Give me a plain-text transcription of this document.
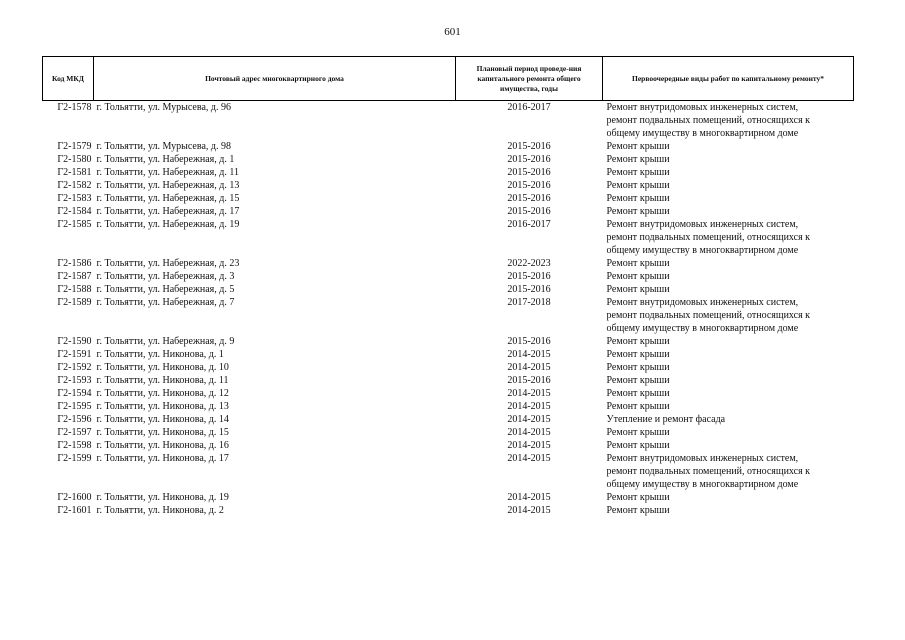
601
Код МКД	Почтовый адрес многоквартирного дома	Плановый период проведе-ния капитального ремонта общего имущества, годы	Первоочередные виды работ по капитальному ремонту*
Г2-1578	г. Тольятти, ул. Мурысева, д. 96	2016-2017	Ремонт внутридомовых инженерных систем,
ремонт подвальных помещений, относящихся к
общему имуществу в многоквартирном доме

Г2-1579	г. Тольятти, ул. Мурысева, д. 98	2015-2016	Ремонт крыши

Г2-1580	г. Тольятти, ул. Набережная, д. 1	2015-2016	Ремонт крыши

Г2-1581	г. Тольятти, ул. Набережная, д. 11	2015-2016	Ремонт крыши

Г2-1582	г. Тольятти, ул. Набережная, д. 13	2015-2016	Ремонт крыши

Г2-1583	г. Тольятти, ул. Набережная, д. 15	2015-2016	Ремонт крыши

Г2-1584	г. Тольятти, ул. Набережная, д. 17	2015-2016	Ремонт крыши

Г2-1585	г. Тольятти, ул. Набережная, д. 19	2016-2017	Ремонт внутридомовых инженерных систем,
ремонт подвальных помещений, относящихся к
общему имуществу в многоквартирном доме

Г2-1586	г. Тольятти, ул. Набережная, д. 23	2022-2023	Ремонт крыши

Г2-1587	г. Тольятти, ул. Набережная, д. 3	2015-2016	Ремонт крыши

Г2-1588	г. Тольятти, ул. Набережная, д. 5	2015-2016	Ремонт крыши

Г2-1589	г. Тольятти, ул. Набережная, д. 7	2017-2018	Ремонт внутридомовых инженерных систем,
ремонт подвальных помещений, относящихся к
общему имуществу в многоквартирном доме

Г2-1590	г. Тольятти, ул. Набережная, д. 9	2015-2016	Ремонт крыши

Г2-1591	г. Тольятти, ул. Никонова, д. 1	2014-2015	Ремонт крыши

Г2-1592	г. Тольятти, ул. Никонова, д. 10	2014-2015	Ремонт крыши

Г2-1593	г. Тольятти, ул. Никонова, д. 11	2015-2016	Ремонт крыши

Г2-1594	г. Тольятти, ул. Никонова, д. 12	2014-2015	Ремонт крыши

Г2-1595	г. Тольятти, ул. Никонова, д. 13	2014-2015	Ремонт крыши

Г2-1596	г. Тольятти, ул. Никонова, д. 14	2014-2015	Утепление и ремонт фасада

Г2-1597	г. Тольятти, ул. Никонова, д. 15	2014-2015	Ремонт крыши

Г2-1598	г. Тольятти, ул. Никонова, д. 16	2014-2015	Ремонт крыши

Г2-1599	г. Тольятти, ул. Никонова, д. 17	2014-2015	Ремонт внутридомовых инженерных систем,
ремонт подвальных помещений, относящихся к
общему имуществу в многоквартирном доме

Г2-1600	г. Тольятти, ул. Никонова, д. 19	2014-2015	Ремонт крыши

Г2-1601	г. Тольятти, ул. Никонова, д. 2	2014-2015	Ремонт крыши
